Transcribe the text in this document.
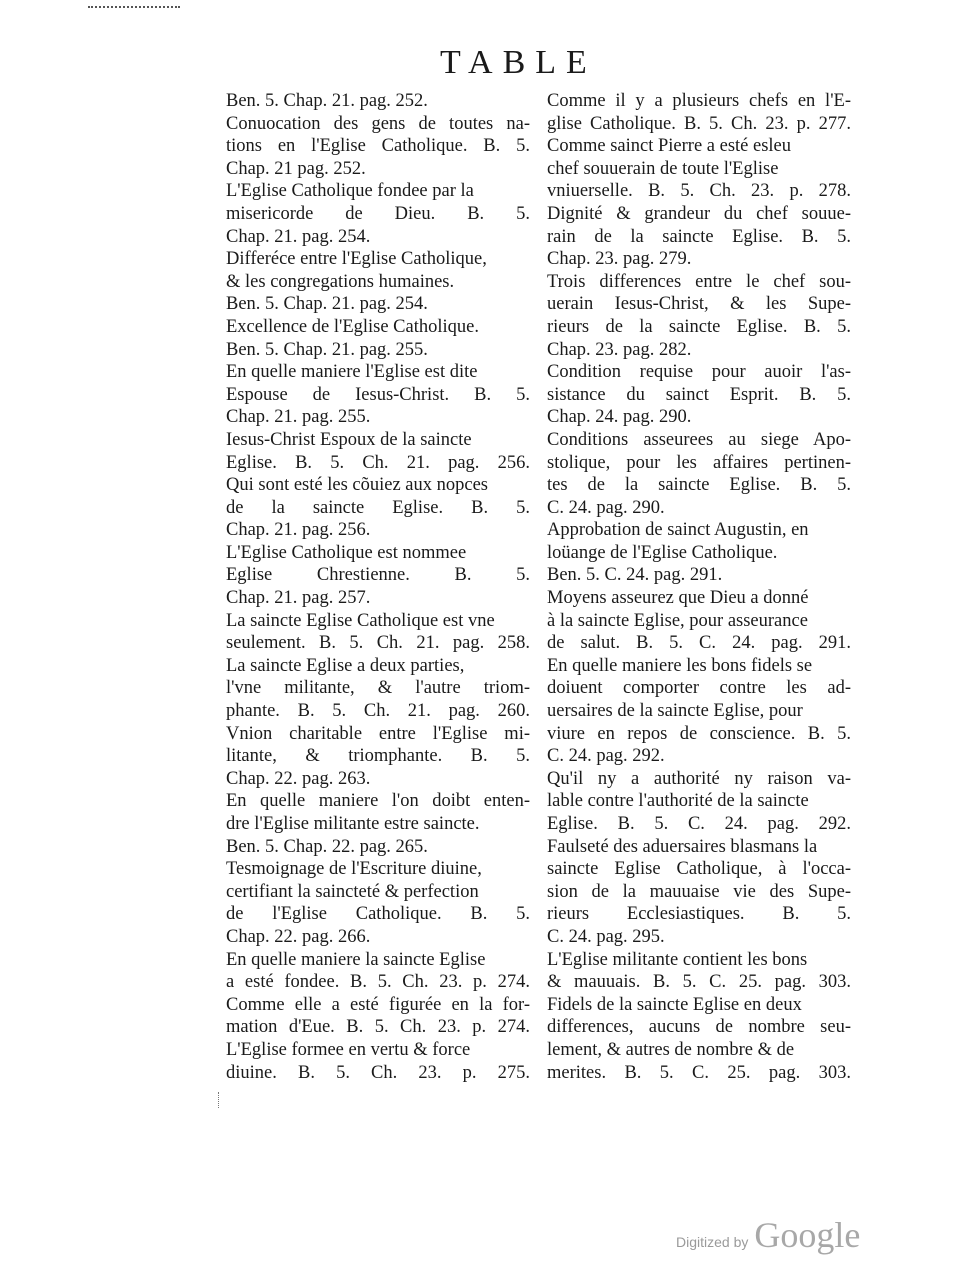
TABLE
Ben. 5. Chap. 21. pag. 252.
Conuocation des gens de toutes na-
tions en l'Eglise Catholique. B. 5.
Chap. 21 pag. 252.
L'Eglise Catholique fondee par la
misericorde de Dieu. B. 5.
Chap. 21. pag. 254.
Differéce entre l'Eglise Catholique,
& les congregations humaines.
Ben. 5. Chap. 21. pag. 254.
Excellence de l'Eglise Catholique.
Ben. 5. Chap. 21. pag. 255.
En quelle maniere l'Eglise est dite
Espouse de Iesus-Christ. B. 5.
Chap. 21. pag. 255.
Iesus-Christ Espoux de la saincte
Eglise. B. 5. Ch. 21. pag. 256.
Qui sont esté les cõuiez aux nopces
de la saincte Eglise. B. 5.
Chap. 21. pag. 256.
L'Eglise Catholique est nommee
Eglise Chrestienne. B. 5.
Chap. 21. pag. 257.
La saincte Eglise Catholique est vne
seulement. B. 5. Ch. 21. pag. 258.
La saincte Eglise a deux parties,
l'vne militante, & l'autre triom-
phante. B. 5. Ch. 21. pag. 260.
Vnion charitable entre l'Eglise mi-
litante, & triomphante. B. 5.
Chap. 22. pag. 263.
En quelle maniere l'on doibt enten-
dre l'Eglise militante estre saincte.
Ben. 5. Chap. 22. pag. 265.
Tesmoignage de l'Escriture diuine,
certifiant la saincteté & perfection
de l'Eglise Catholique. B. 5.
Chap. 22. pag. 266.
En quelle maniere la saincte Eglise
a esté fondee. B. 5. Ch. 23. p. 274.
Comme elle a esté figurée en la for-
mation d'Eue. B. 5. Ch. 23. p. 274.
L'Eglise formee en vertu & force
diuine. B. 5. Ch. 23. p. 275.
Comme il y a plusieurs chefs en l'E-
glise Catholique. B. 5. Ch. 23. p. 277.
Comme sainct Pierre a esté esleu
chef souuerain de toute l'Eglise
vniuerselle. B. 5. Ch. 23. p. 278.
Dignité & grandeur du chef souue-
rain de la saincte Eglise. B. 5.
Chap. 23. pag. 279.
Trois differences entre le chef sou-
uerain Iesus-Christ, & les Supe-
rieurs de la saincte Eglise. B. 5.
Chap. 23. pag. 282.
Condition requise pour auoir l'as-
sistance du sainct Esprit. B. 5.
Chap. 24. pag. 290.
Conditions asseurees au siege Apo-
stolique, pour les affaires pertinen-
tes de la saincte Eglise. B. 5.
C. 24. pag. 290.
Approbation de sainct Augustin, en
loüange de l'Eglise Catholique.
Ben. 5. C. 24. pag. 291.
Moyens asseurez que Dieu a donné
à la saincte Eglise, pour asseurance
de salut. B. 5. C. 24. pag. 291.
En quelle maniere les bons fidels se
doiuent comporter contre les ad-
uersaires de la saincte Eglise, pour
viure en repos de conscience. B. 5.
C. 24. pag. 292.
Qu'il ny a authorité ny raison va-
lable contre l'authorité de la saincte
Eglise. B. 5. C. 24. pag. 292.
Faulseté des aduersaires blasmans la
saincte Eglise Catholique, à l'occa-
sion de la mauuaise vie des Supe-
rieurs Ecclesiastiques. B. 5.
C. 24. pag. 295.
L'Eglise militante contient les bons
& mauuais. B. 5. C. 25. pag. 303.
Fidels de la saincte Eglise en deux
differences, aucuns de nombre seu-
lement, & autres de nombre & de
merites. B. 5. C. 25. pag. 303.
Digitized by Google
